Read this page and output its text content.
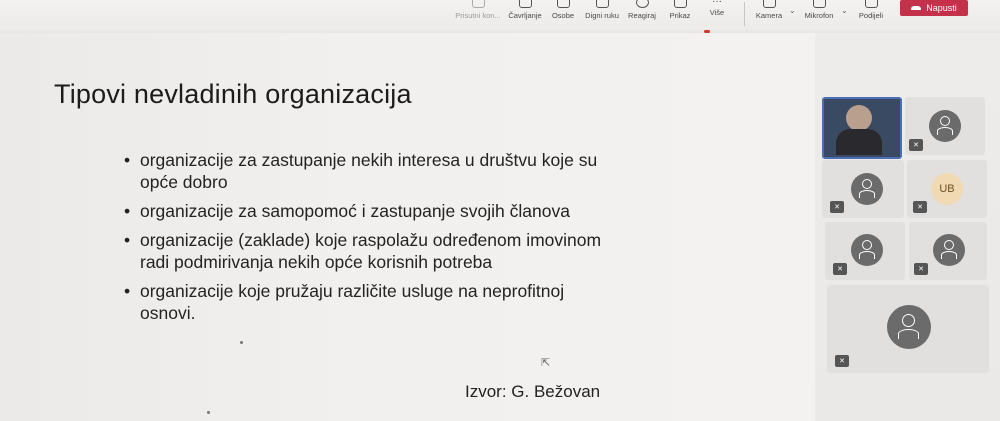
Prisutni kon... Čavrljanje Osobe Digni ruku Reagiraj Prikaz
···
Više	Kamera
⌄
Mikrofon
⌄
Podijeli
Napusti
Tipovi nevladinih organizacija
• organizacije za zastupanje nekih interesa u društvu koje su opće dobro
• organizacije za samopomoć i zastupanje svojih članova
• organizacije (zaklade) koje raspolažu određenom imovinom radi podmirivanja nekih opće korisnih potreba
• organizacije koje pružaju različite usluge na neprofitnoj osnovi.
Izvor: G. Bežovan
⇱
✕
✕
UB
✕
✕	✕
✕
